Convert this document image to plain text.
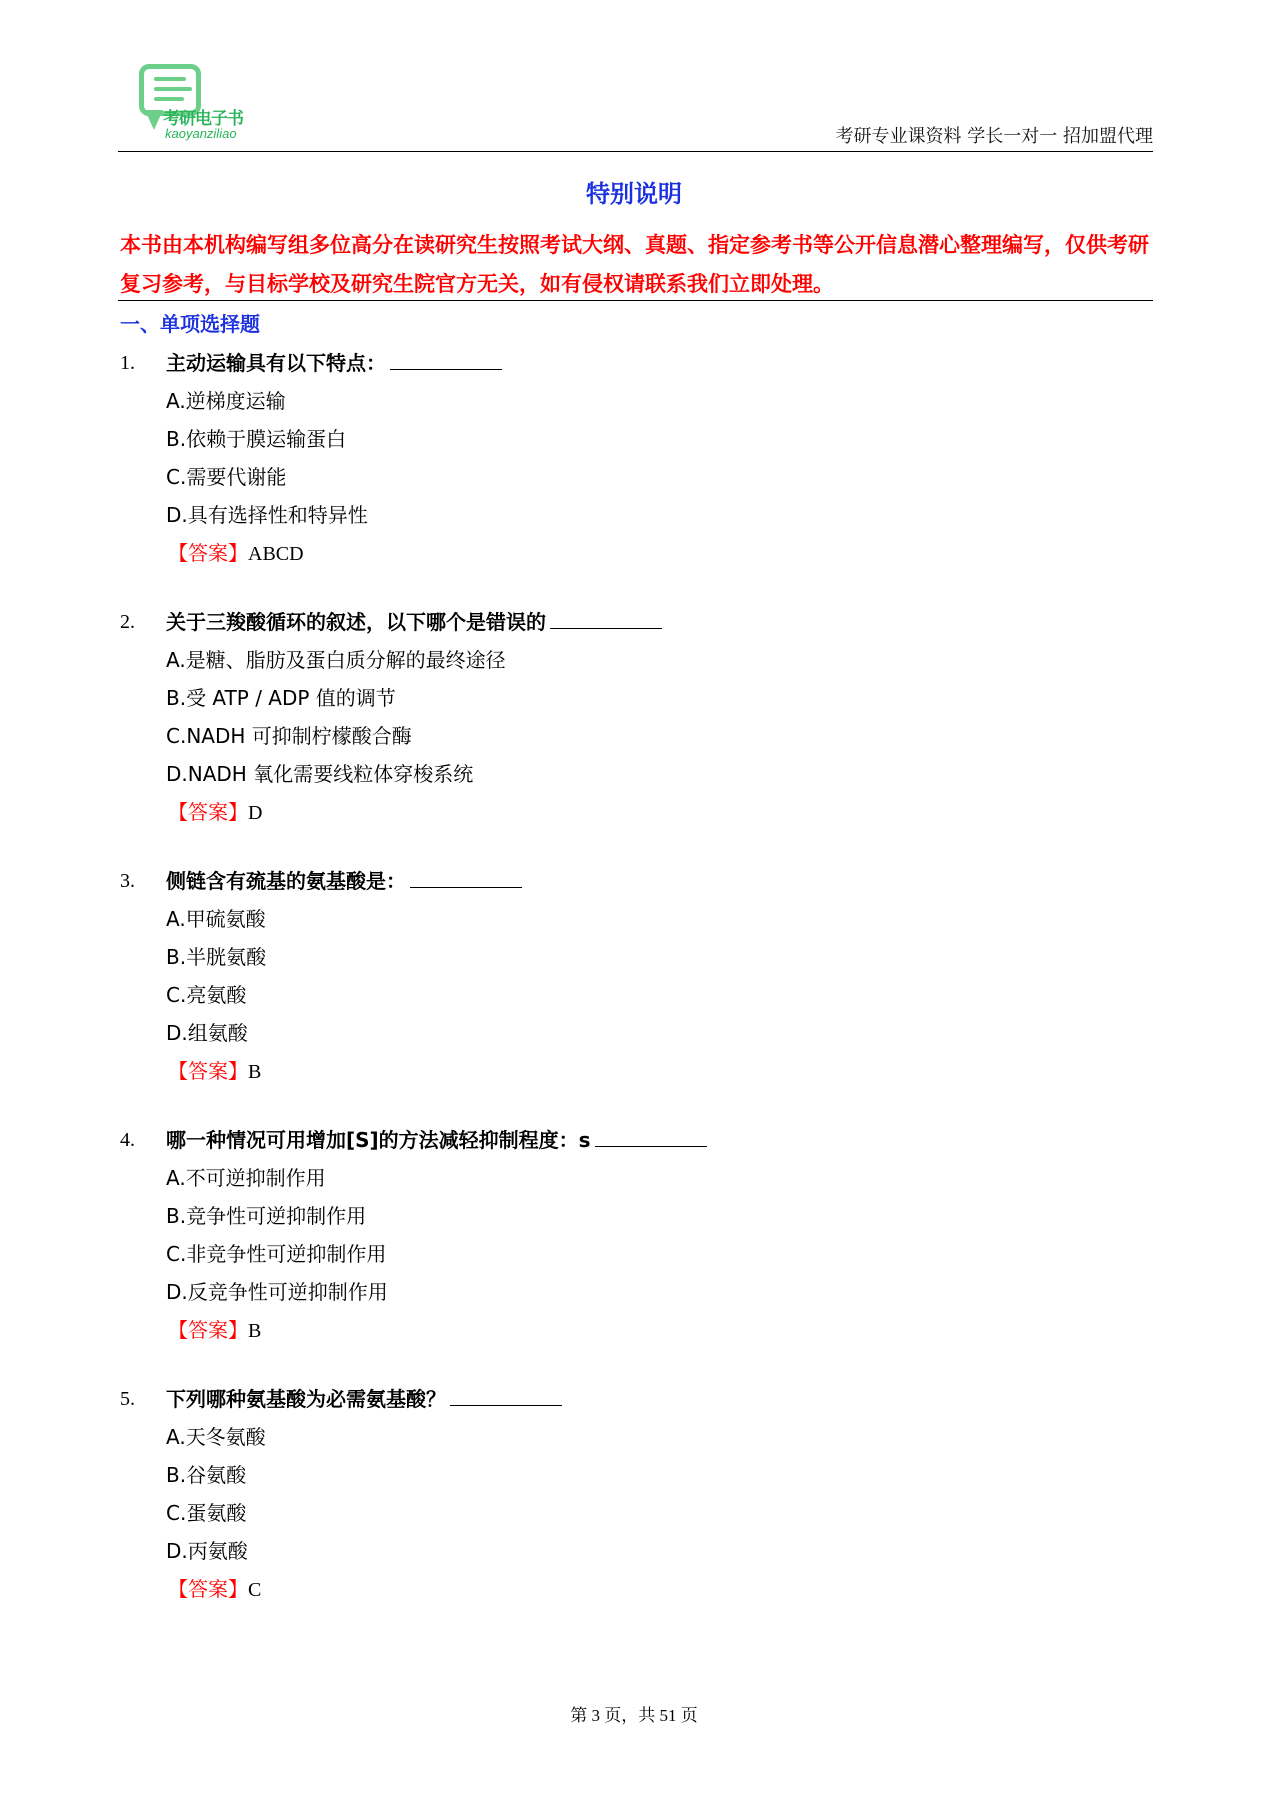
考研电子书
kaoyanziliao	考研专业课资料 学长一对一 招加盟代理
特别说明
本书由本机构编写组多位高分在读研究生按照考试大纲、真题、指定参考书等公开信息潜心整理编写，仅供考研复习参考，与目标学校及研究生院官方无关，如有侵权请联系我们立即处理。
一、单项选择题
1. 主动运输具有以下特点：
A.逆梯度运输
B.依赖于膜运输蛋白
C.需要代谢能
D.具有选择性和特异性
【答案】ABCD
2. 关于三羧酸循环的叙述，以下哪个是错误的
A.是糖、脂肪及蛋白质分解的最终途径
B.受 ATP / ADP 值的调节
C.NADH 可抑制柠檬酸合酶
D.NADH 氧化需要线粒体穿梭系统
【答案】D
3. 侧链含有巯基的氨基酸是：
A.甲硫氨酸
B.半胱氨酸
C.亮氨酸
D.组氨酸
【答案】B
4. 哪一种情况可用增加[S]的方法减轻抑制程度：s
A.不可逆抑制作用
B.竞争性可逆抑制作用
C.非竞争性可逆抑制作用
D.反竞争性可逆抑制作用
【答案】B
5. 下列哪种氨基酸为必需氨基酸？
A.天冬氨酸
B.谷氨酸
C.蛋氨酸
D.丙氨酸
【答案】C
第 3 页，共 51 页
